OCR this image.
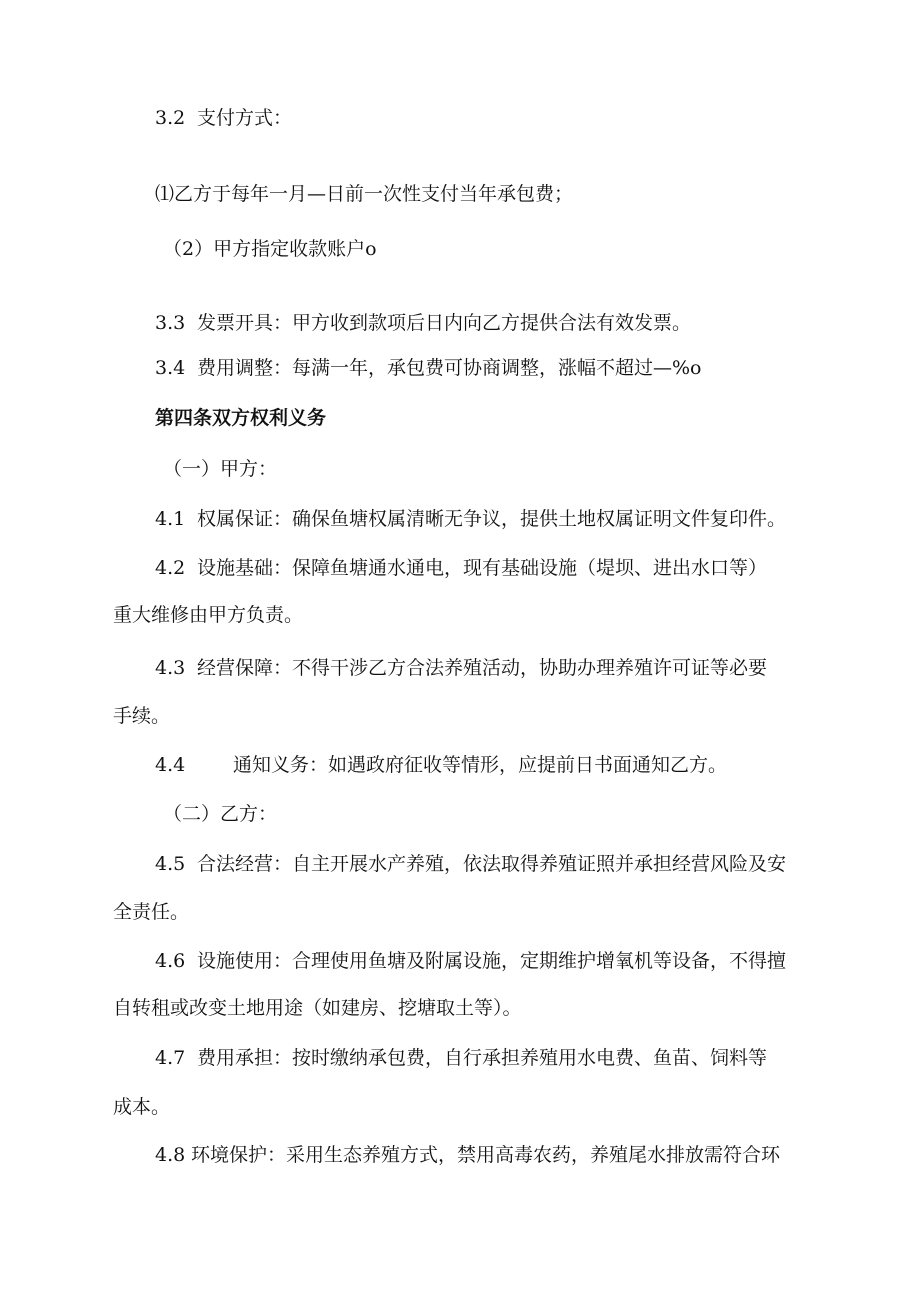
3.2 支付方式：
⑴乙方于每年一月—日前一次性支付当年承包费；
（2）甲方指定收款账户o
3.3 发票开具：甲方收到款项后日内向乙方提供合法有效发票。
3.4 费用调整：每满一年，承包费可协商调整，涨幅不超过—%o
第四条双方权利义务
（一）甲方：
4.1 权属保证：确保鱼塘权属清晰无争议，提供土地权属证明文件复印件。
4.2 设施基础：保障鱼塘通水通电，现有基础设施（堤坝、进出水口等）
重大维修由甲方负责。
4.3 经营保障：不得干涉乙方合法养殖活动，协助办理养殖许可证等必要
手续。
4.4	通知义务：如遇政府征收等情形，应提前日书面通知乙方。
（二）乙方：
4.5 合法经营：自主开展水产养殖，依法取得养殖证照并承担经营风险及安
全责任。
4.6 设施使用：合理使用鱼塘及附属设施，定期维护增氧机等设备，不得擅
自转租或改变土地用途（如建房、挖塘取土等）。
4.7 费用承担：按时缴纳承包费，自行承担养殖用水电费、鱼苗、饲料等
成本。
4.8 环境保护：采用生态养殖方式，禁用高毒农药，养殖尾水排放需符合环
